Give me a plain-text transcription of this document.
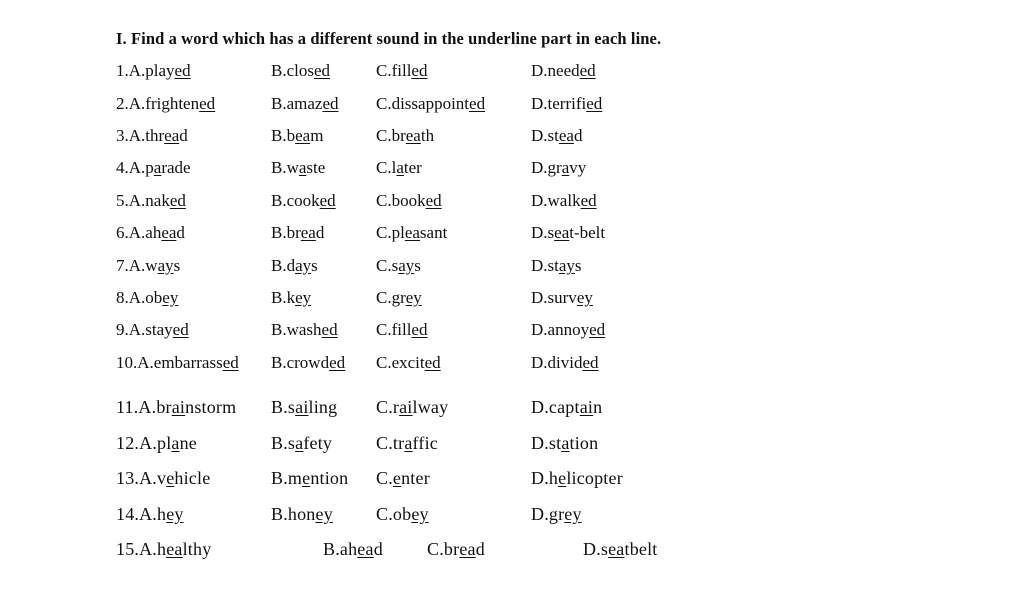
I. Find a word which has a different sound in the underline part in each line.
1.A.played	B.closed	C.filled	D.needed
2.A.frightened	B.amazed C.dissappointed	D.terrified
3.A.thread	B.beam	C.breath	D.stead
4.A.parade	B.waste	C.later	D.gravy
5.A.naked	B.cooked C.booked	D.walked
6.A.ahead	B.bread	C.pleasant	D.seat-belt
7.A.ways	B.days	C.says	D.stays
8.A.obey	B.key	C.grey	D.survey
9.A.stayed	B.washed C.filled	D.annoyed
10.A.embarrassed B.crowded C.excited	D.divided
11.A.brainstorm B.sailing C.railway	D.captain
12.A.plane	B.safety C.traffic	D.station
13.A.vehicle	B.mention C.enter	D.helicopter
14.A.hey	B.honey C.obey	D.grey
15.A.healthy	B.ahead C.bread	D.seatbelt
